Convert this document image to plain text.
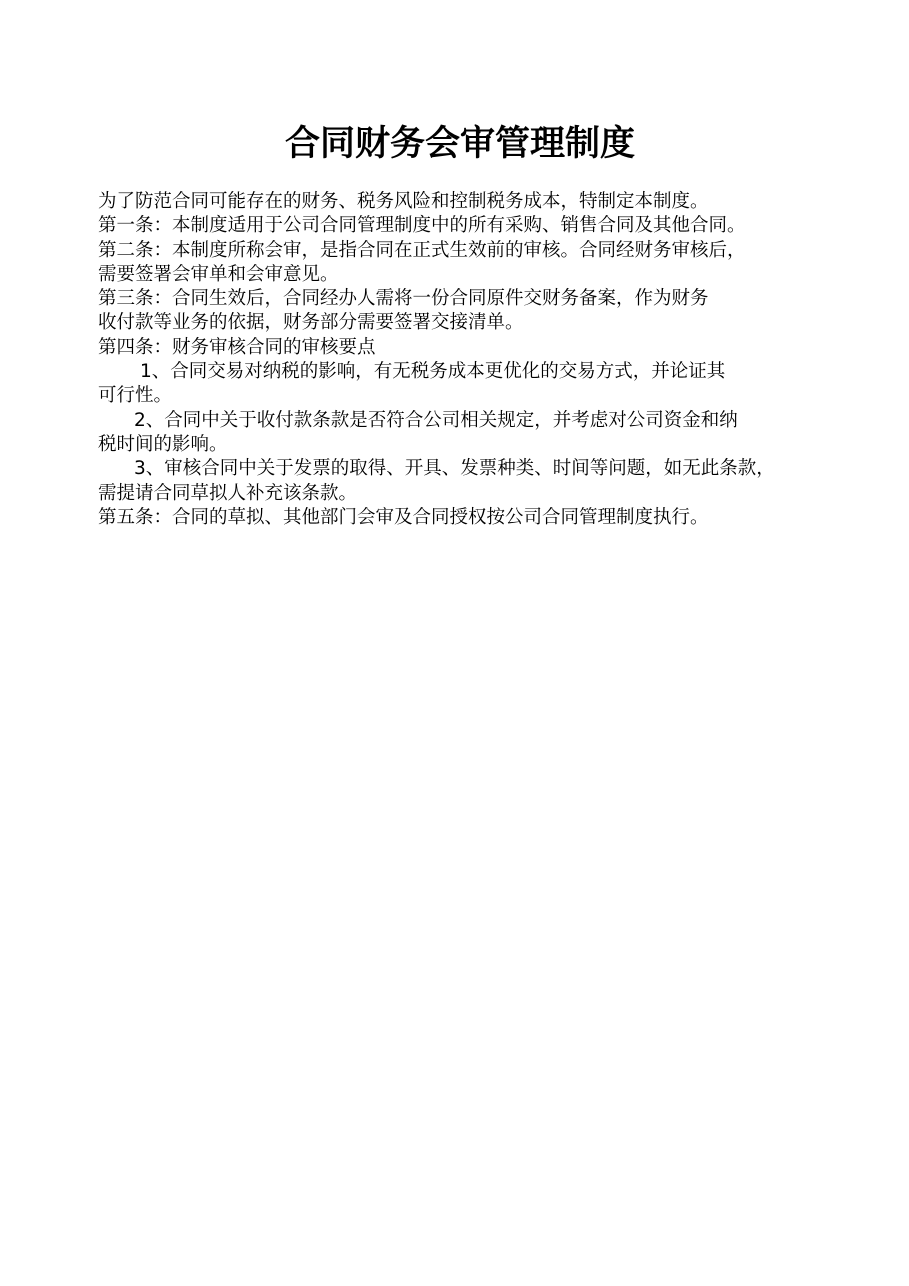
合同财务会审管理制度
为了防范合同可能存在的财务、税务风险和控制税务成本，特制定本制度。
第一条：本制度适用于公司合同管理制度中的所有采购、销售合同及其他合同。
第二条：本制度所称会审，是指合同在正式生效前的审核。合同经财务审核后，
需要签署会审单和会审意见。
第三条：合同生效后，合同经办人需将一份合同原件交财务备案，作为财务
收付款等业务的依据，财务部分需要签署交接清单。
第四条：财务审核合同的审核要点
1、合同交易对纳税的影响，有无税务成本更优化的交易方式，并论证其
可行性。
2、合同中关于收付款条款是否符合公司相关规定，并考虑对公司资金和纳
税时间的影响。
3、审核合同中关于发票的取得、开具、发票种类、时间等问题，如无此条款，
需提请合同草拟人补充该条款。
第五条：合同的草拟、其他部门会审及合同授权按公司合同管理制度执行。
